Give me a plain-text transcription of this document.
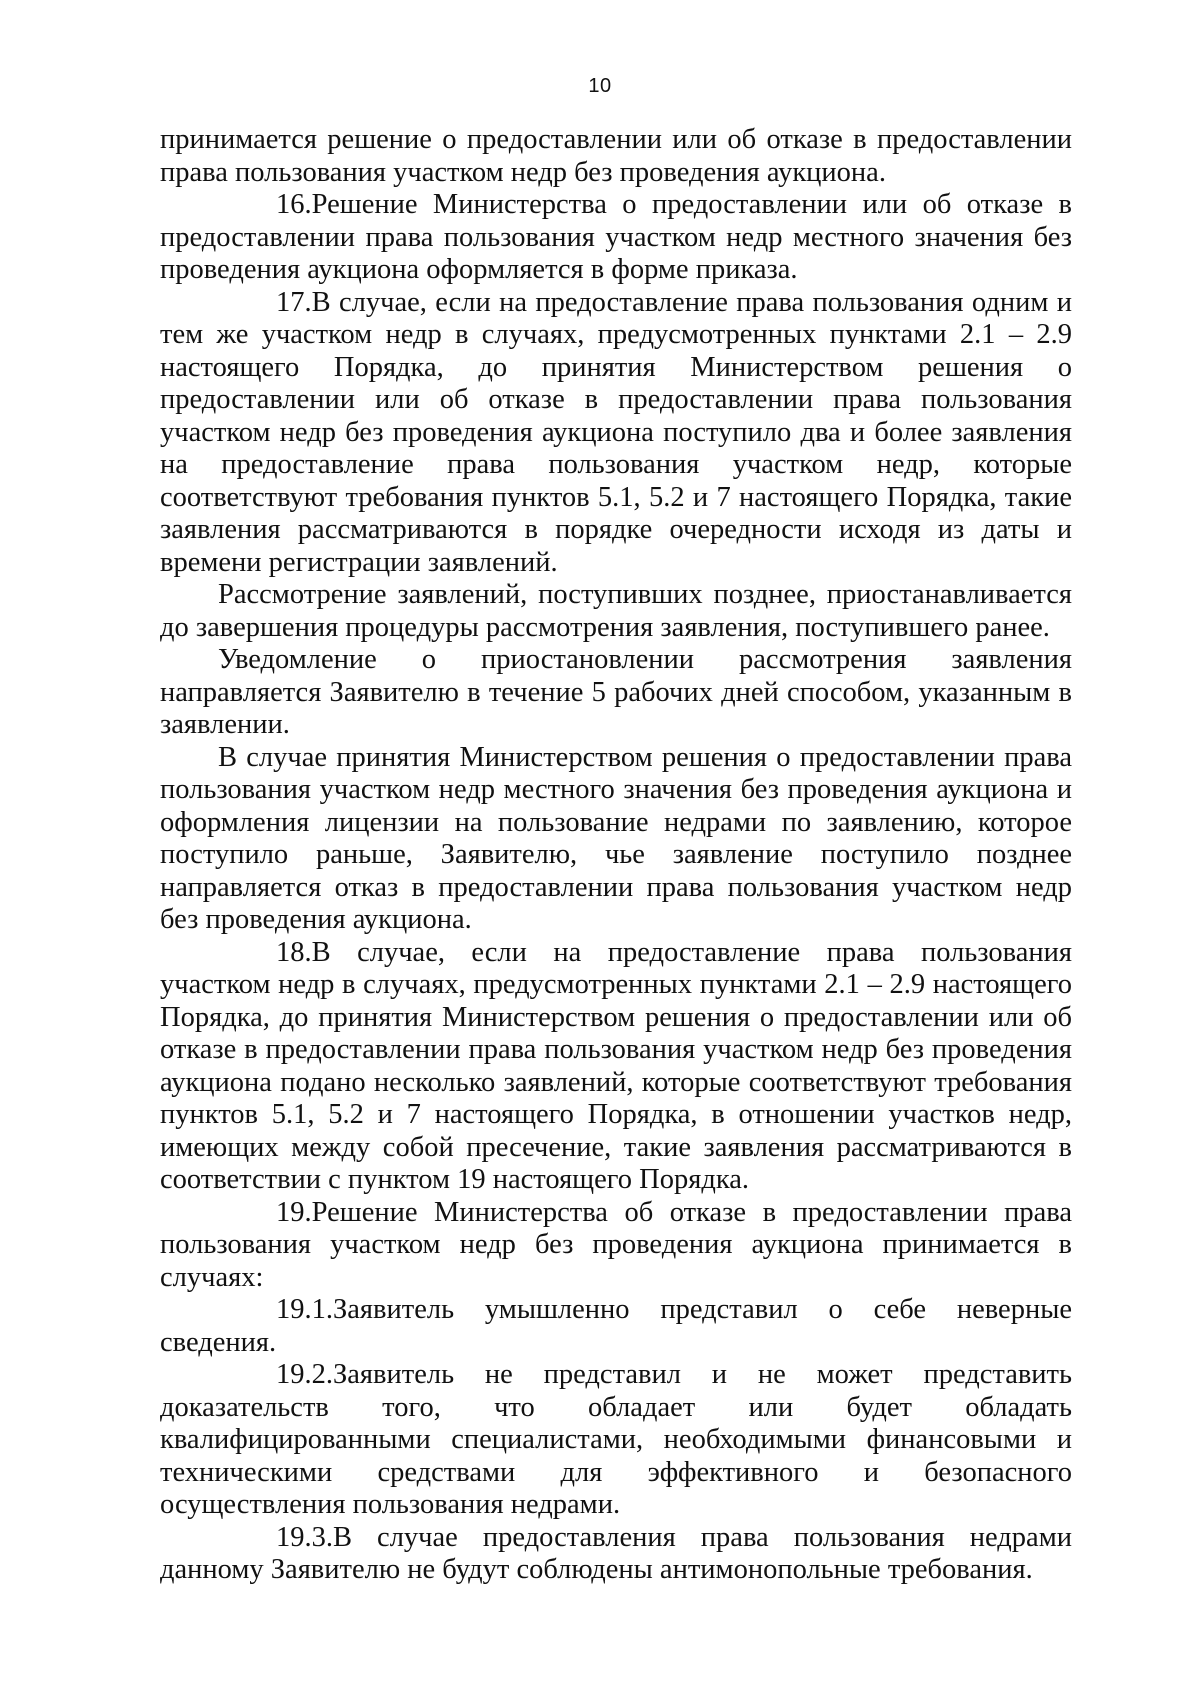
10

принимается решение о предоставлении или об отказе в предоставлении права пользования участком недр без проведения аукциона.

16.Решение Министерства о предоставлении или об отказе в предоставлении права пользования участком недр местного значения без проведения аукциона оформляется в форме приказа.

17.В случае, если на предоставление права пользования одним и тем же участком недр в случаях, предусмотренных пунктами 2.1 – 2.9 настоящего Порядка, до принятия Министерством решения о предоставлении или об отказе в предоставлении права пользования участком недр без проведения аукциона поступило два и более заявления на предоставление права пользования участком недр, которые соответствуют требования пунктов 5.1, 5.2 и 7 настоящего Порядка, такие заявления рассматриваются в порядке очередности исходя из даты и времени регистрации заявлений.

Рассмотрение заявлений, поступивших позднее, приостанавливается до завершения процедуры рассмотрения заявления, поступившего ранее.

Уведомление о приостановлении рассмотрения заявления направляется Заявителю в течение 5 рабочих дней способом, указанным в заявлении.

В случае принятия Министерством решения о предоставлении права пользования участком недр местного значения без проведения аукциона и оформления лицензии на пользование недрами по заявлению, которое поступило раньше, Заявителю, чье заявление поступило позднее направляется отказ в предоставлении права пользования участком недр без проведения аукциона.

18.В случае, если на предоставление права пользования участком недр в случаях, предусмотренных пунктами 2.1 – 2.9 настоящего Порядка, до принятия Министерством решения о предоставлении или об отказе в предоставлении права пользования участком недр без проведения аукциона подано несколько заявлений, которые соответствуют требования пунктов 5.1, 5.2 и 7 настоящего Порядка, в отношении участков недр, имеющих между собой пресечение, такие заявления рассматриваются в соответствии с пунктом 19 настоящего Порядка.

19.Решение Министерства об отказе в предоставлении права пользования участком недр без проведения аукциона принимается в случаях:

19.1.Заявитель умышленно представил о себе неверные сведения.

19.2.Заявитель не представил и не может представить доказательств того, что обладает или будет обладать квалифицированными специалистами, необходимыми финансовыми и техническими средствами для эффективного и безопасного осуществления пользования недрами.

19.3.В случае предоставления права пользования недрами данному Заявителю не будут соблюдены антимонопольные требования.
